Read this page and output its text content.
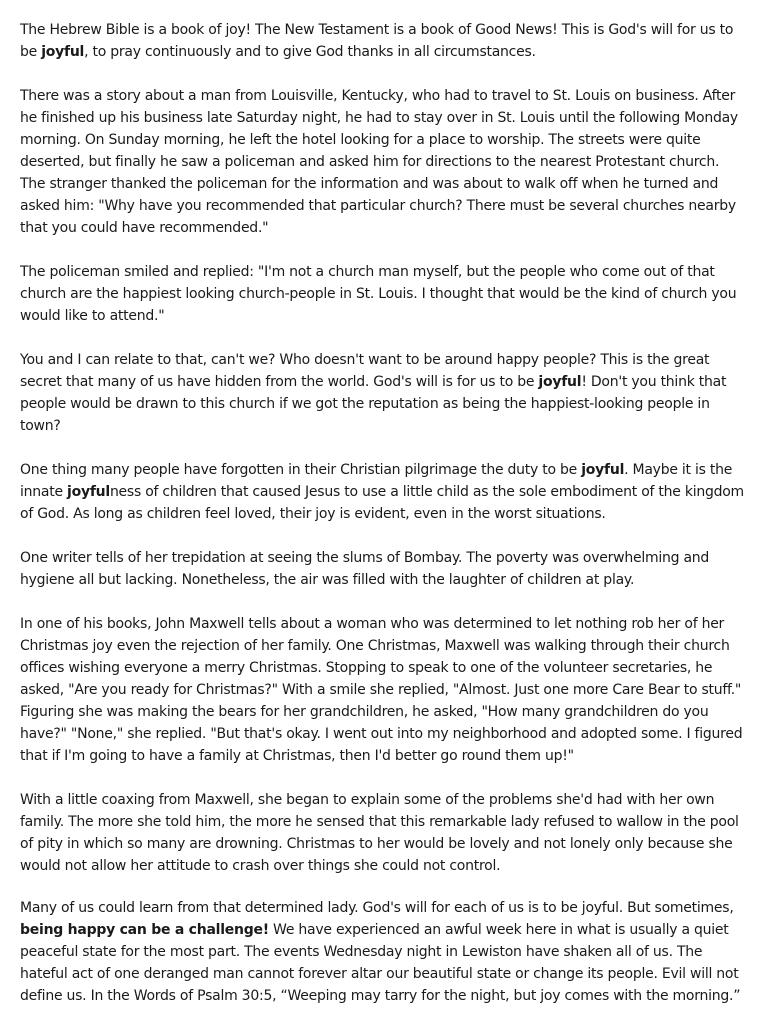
The Hebrew Bible is a book of joy! The New Testament is a book of Good News! This is God's will for us to be joyful, to pray continuously and to give God thanks in all circumstances.

There was a story about a man from Louisville, Kentucky, who had to travel to St. Louis on business. After he finished up his business late Saturday night, he had to stay over in St. Louis until the following Monday morning. On Sunday morning, he left the hotel looking for a place to worship. The streets were quite deserted, but finally he saw a policeman and asked him for directions to the nearest Protestant church. The stranger thanked the policeman for the information and was about to walk off when he turned and asked him: "Why have you recommended that particular church? There must be several churches nearby that you could have recommended."

The policeman smiled and replied: "I'm not a church man myself, but the people who come out of that church are the happiest looking church-people in St. Louis. I thought that would be the kind of church you would like to attend."

You and I can relate to that, can't we? Who doesn't want to be around happy people? This is the great secret that many of us have hidden from the world. God's will is for us to be joyful! Don't you think that people would be drawn to this church if we got the reputation as being the happiest-looking people in town?

One thing many people have forgotten in their Christian pilgrimage the duty to be joyful. Maybe it is the innate joyfulness of children that caused Jesus to use a little child as the sole embodiment of the kingdom of God. As long as children feel loved, their joy is evident, even in the worst situations.

One writer tells of her trepidation at seeing the slums of Bombay. The poverty was overwhelming and hygiene all but lacking. Nonetheless, the air was filled with the laughter of children at play.

In one of his books, John Maxwell tells about a woman who was determined to let nothing rob her of her Christmas joy even the rejection of her family. One Christmas, Maxwell was walking through their church offices wishing everyone a merry Christmas. Stopping to speak to one of the volunteer secretaries, he asked, "Are you ready for Christmas?" With a smile she replied, "Almost. Just one more Care Bear to stuff." Figuring she was making the bears for her grandchildren, he asked, "How many grandchildren do you have?" "None," she replied. "But that's okay. I went out into my neighborhood and adopted some. I figured that if I'm going to have a family at Christmas, then I'd better go round them up!"

With a little coaxing from Maxwell, she began to explain some of the problems she'd had with her own family. The more she told him, the more he sensed that this remarkable lady refused to wallow in the pool of pity in which so many are drowning. Christmas to her would be lovely and not lonely only because she would not allow her attitude to crash over things she could not control.

Many of us could learn from that determined lady. God's will for each of us is to be joyful. But sometimes, being happy can be a challenge! We have experienced an awful week here in what is usually a quiet peaceful state for the most part. The events Wednesday night in Lewiston have shaken all of us. The hateful act of one deranged man cannot forever altar our beautiful state or change its people. Evil will not define us. In the Words of Psalm 30:5, “Weeping may tarry for the night, but joy comes with the morning.”
